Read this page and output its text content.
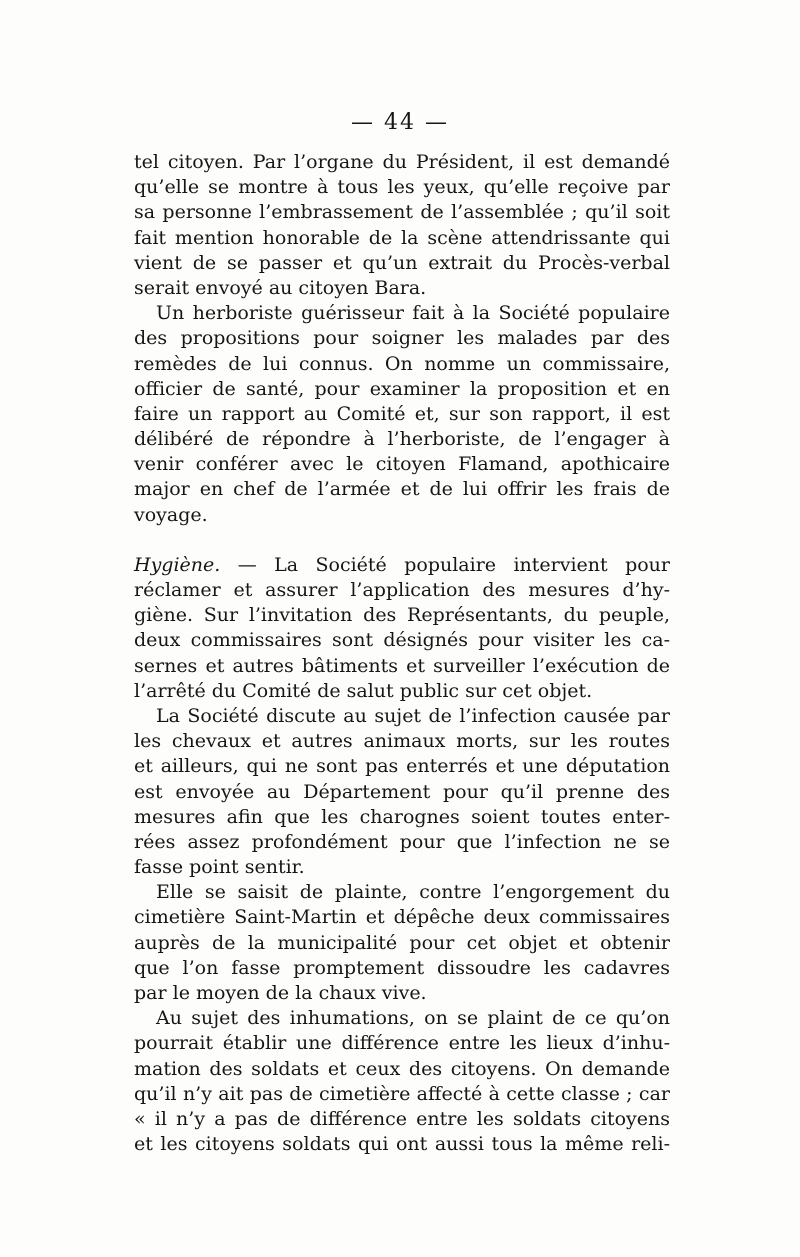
— 44 —
tel citoyen. Par l’organe du Président, il est demandé
qu’elle se montre à tous les yeux, qu’elle reçoive par
sa personne l’embrassement de l’assemblée ; qu’il soit
fait mention honorable de la scène attendrissante qui
vient de se passer et qu’un extrait du Procès-verbal
serait envoyé au citoyen Bara.
Un herboriste guérisseur fait à la Société populaire
des propositions pour soigner les malades par des
remèdes de lui connus. On nomme un commissaire,
officier de santé, pour examiner la proposition et en
faire un rapport au Comité et, sur son rapport, il est
délibéré de répondre à l’herboriste, de l’engager à
venir conférer avec le citoyen Flamand, apothicaire
major en chef de l’armée et de lui offrir les frais de
voyage.
Hygiène. — La Société populaire intervient pour
réclamer et assurer l’application des mesures d’hy-
giène. Sur l’invitation des Représentants, du peuple,
deux commissaires sont désignés pour visiter les ca-
sernes et autres bâtiments et surveiller l’exécution de
l’arrêté du Comité de salut public sur cet objet.
La Société discute au sujet de l’infection causée par
les chevaux et autres animaux morts, sur les routes
et ailleurs, qui ne sont pas enterrés et une députation
est envoyée au Département pour qu’il prenne des
mesures afin que les charognes soient toutes enter-
rées assez profondément pour que l’infection ne se
fasse point sentir.
Elle se saisit de plainte, contre l’engorgement du
cimetière Saint-Martin et dépêche deux commissaires
auprès de la municipalité pour cet objet et obtenir
que l’on fasse promptement dissoudre les cadavres
par le moyen de la chaux vive.
Au sujet des inhumations, on se plaint de ce qu’on
pourrait établir une différence entre les lieux d’inhu-
mation des soldats et ceux des citoyens. On demande
qu’il n’y ait pas de cimetière affecté à cette classe ; car
« il n’y a pas de différence entre les soldats citoyens
et les citoyens soldats qui ont aussi tous la même reli-
